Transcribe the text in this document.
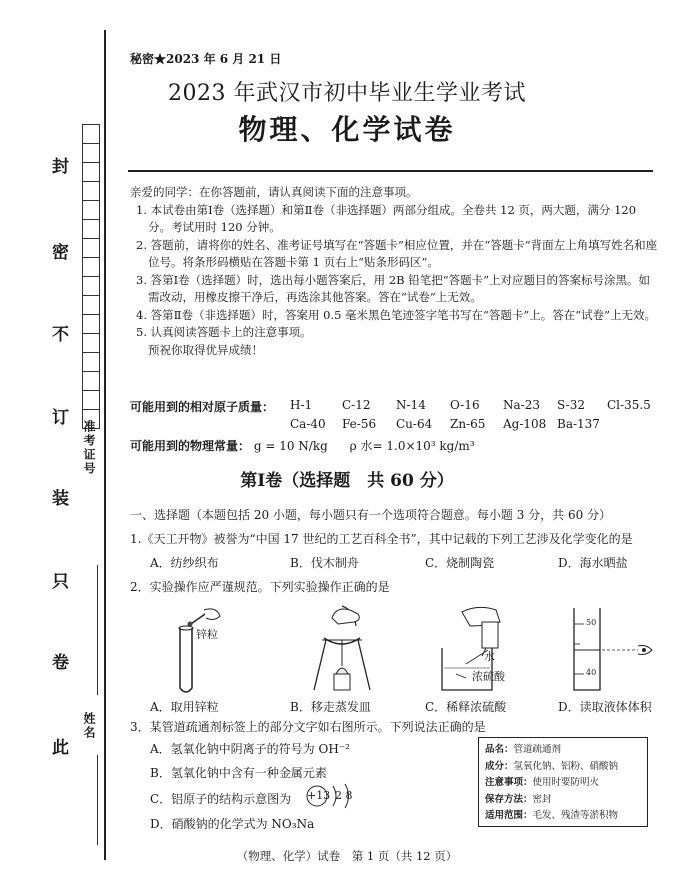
封
密
不
订
装
只
卷
此
准考证号
姓名
秘密★2023 年 6 月 21 日
2023 年武汉市初中毕业生学业考试
物理、化学试卷
亲爱的同学：在你答题前，请认真阅读下面的注意事项。
1. 本试卷由第Ⅰ卷（选择题）和第Ⅱ卷（非选择题）两部分组成。全卷共 12 页，两大题，满分 120 分。考试用时 120 分钟。
2. 答题前，请将你的姓名、准考证号填写在“答题卡”相应位置，并在“答题卡”背面左上角填写姓名和座位号。将条形码横贴在答题卡第 1 页右上“贴条形码区”。
3. 答第Ⅰ卷（选择题）时，选出每小题答案后，用 2B 铅笔把“答题卡”上对应题目的答案标号涂黑。如需改动，用橡皮擦干净后，再选涂其他答案。答在“试卷”上无效。
4. 答第Ⅱ卷（非选择题）时，答案用 0.5 毫米黑色笔迹签字笔书写在“答题卡”上。答在“试卷”上无效。
5. 认真阅读答题卡上的注意事项。
预祝你取得优异成绩！
可能用到的相对原子质量： H-1 C-12 N-14 O-16 Na-23 S-32 Cl-35.5
Ca-40 Fe-56 Cu-64 Zn-65 Ag-108 Ba-137
可能用到的物理常量： g = 10 N/kg ρ 水= 1.0×10³ kg/m³
第Ⅰ卷（选择题　共 60 分）
一、选择题（本题包括 20 小题，每小题只有一个选项符合题意。每小题 3 分，共 60 分）
1.《天工开物》被誉为“中国 17 世纪的工艺百科全书”，其中记载的下列工艺涉及化学变化的是
A．纺纱织布	B．伐木制舟	C．烧制陶瓷	D．海水晒盐
2．实验操作应严谨规范。下列实验操作正确的是
锌粒
水
浓硫酸
50
40
A．取用锌粒	B．移走蒸发皿	C．稀释浓硫酸	D．读取液体体积
3．某管道疏通剂标签上的部分文字如右图所示。下列说法正确的是
A．氢氧化钠中阴离子的符号为 OH⁻²
B．氢氧化钠中含有一种金属元素
C．铝原子的结构示意图为 +13 2 8
D．硝酸钠的化学式为 NO₃Na
品名：管道疏通剂
成分：氢氧化钠、铝粉、硝酸钠
注意事项：使用时要防明火
保存方法：密封
适用范围：毛发、残渣等淤积物
（物理、化学）试卷　第 1 页（共 12 页）
